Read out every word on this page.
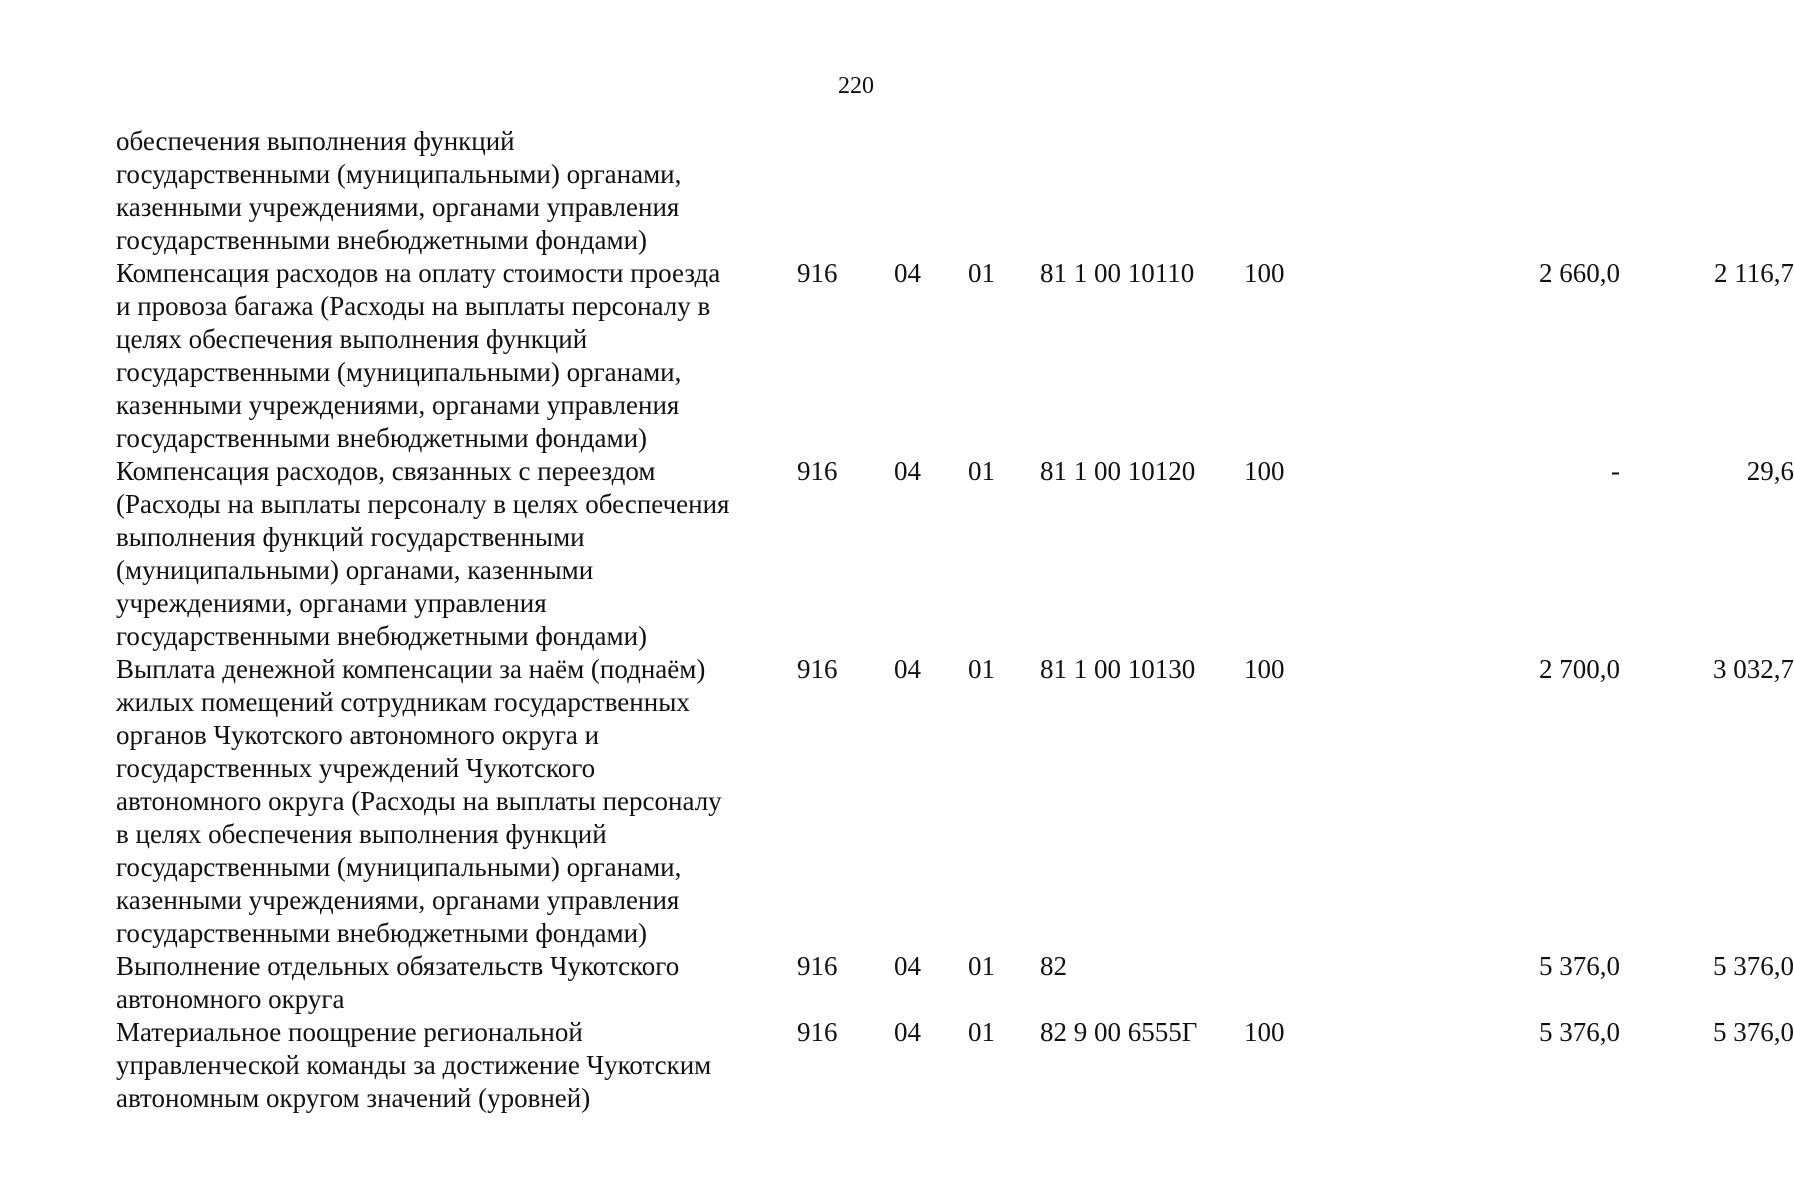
220
обеспечения выполнения функций
государственными (муниципальными) органами,
казенными учреждениями, органами управления
государственными внебюджетными фондами)
Компенсация расходов на оплату стоимости проезда
и провоза багажа (Расходы на выплаты персоналу в
целях обеспечения выполнения функций
государственными (муниципальными) органами,
казенными учреждениями, органами управления
государственными внебюджетными фондами)
916 04 01 81 1 00 10110 100	2 660,0	2 116,7
Компенсация расходов, связанных с переездом
(Расходы на выплаты персоналу в целях обеспечения
выполнения функций государственными
(муниципальными) органами, казенными
учреждениями, органами управления
государственными внебюджетными фондами)
916 04 01 81 1 00 10120 100	-	29,6
Выплата денежной компенсации за наём (поднаём)
жилых помещений сотрудникам государственных
органов Чукотского автономного округа и
государственных учреждений Чукотского
автономного округа (Расходы на выплаты персоналу
в целях обеспечения выполнения функций
государственными (муниципальными) органами,
казенными учреждениями, органами управления
государственными внебюджетными фондами)
916 04 01 81 1 00 10130 100	2 700,0	3 032,7
Выполнение отдельных обязательств Чукотского
автономного округа
916 04 01 82	5 376,0	5 376,0
Материальное поощрение региональной
управленческой команды за достижение Чукотским
автономным округом значений (уровней)
916 04 01 82 9 00 6555Г 100	5 376,0	5 376,0
